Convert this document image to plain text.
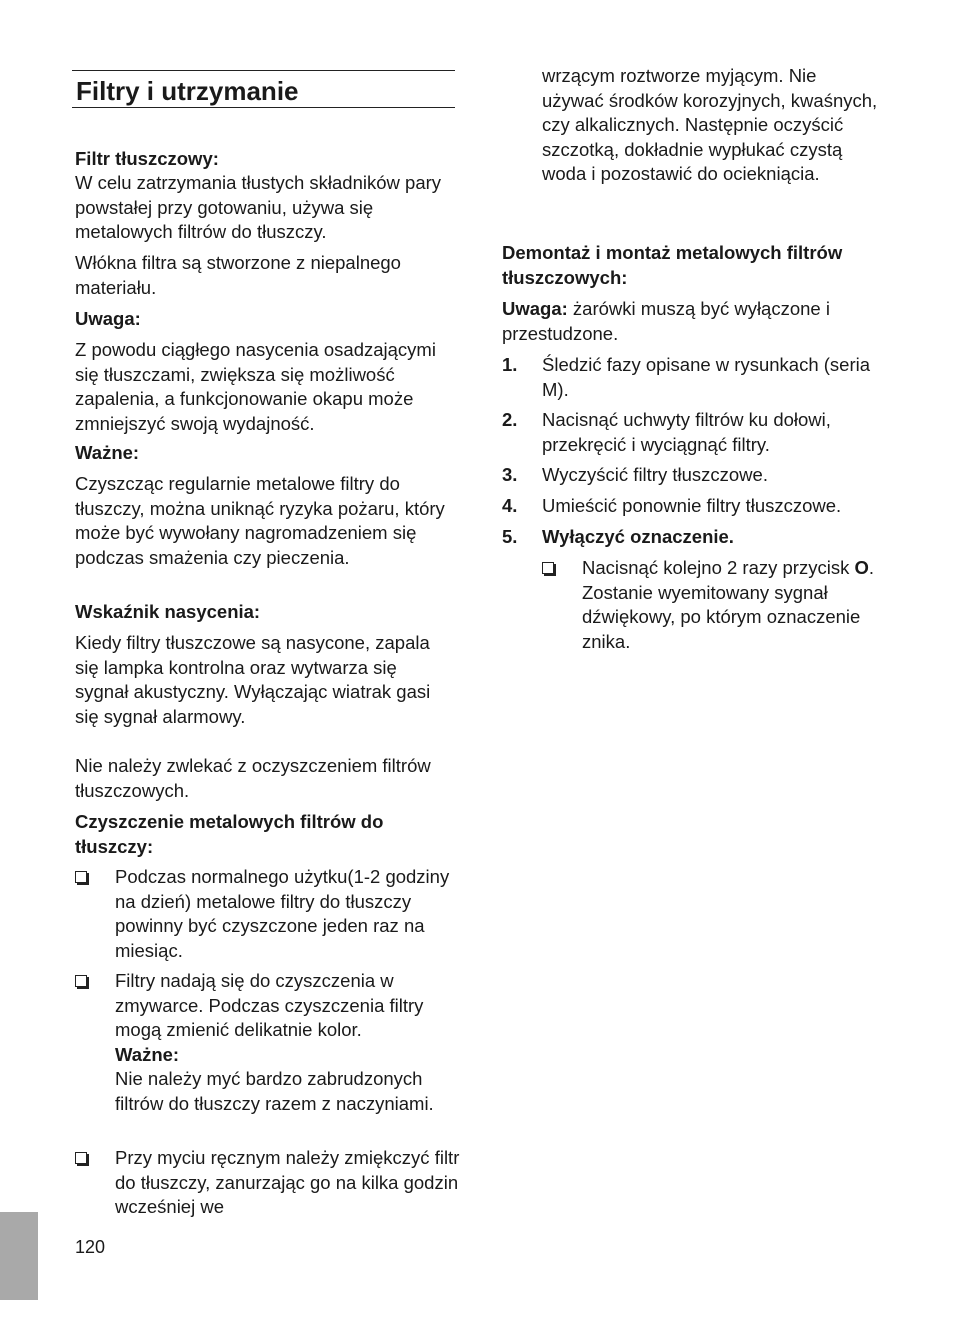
Filtry i utrzymanie

Filtr tłuszczowy:

W celu zatrzymania tłustych składników pary powstałej przy gotowaniu, używa się metalowych filtrów do tłuszczy.

Włókna filtra są stworzone z niepalnego materiału.

Uwaga:

Z powodu ciągłego nasycenia osadzającymi się tłuszczami, zwiększa się możliwość zapalenia, a funkcjonowanie okapu może zmniejszyć swoją wydajność.

Ważne:

Czyszcząc regularnie metalowe filtry do tłuszczy, można uniknąć ryzyka pożaru, który może być wywołany nagromadzeniem się podczas smażenia czy pieczenia.

Wskaźnik nasycenia:

Kiedy filtry tłuszczowe są nasycone, zapala się lampka kontrolna oraz wytwarza się sygnał akustyczny. Wyłączając wiatrak gasi się sygnał alarmowy.

Nie należy zwlekać z oczyszczeniem filtrów tłuszczowych.

Czyszczenie metalowych filtrów do tłuszczy:

Podczas normalnego użytku(1-2 godziny na dzień) metalowe filtry do tłuszczy powinny być czyszczone jeden raz na miesiąc.

Filtry nadają się do czyszczenia w zmywarce. Podczas czyszczenia filtry mogą zmienić delikatnie kolor.
Ważne:
Nie należy myć bardzo zabrudzonych filtrów do tłuszczy razem z naczyniami.

Przy myciu ręcznym należy zmiękczyć filtr do tłuszczy, zanurzając go na kilka godzin wcześniej we

wrzącym roztworze myjącym. Nie używać środków korozyjnych, kwaśnych, czy alkalicznych. Następnie oczyścić szczotką, dokładnie wypłukać czystą woda i pozostawić do ociekniącia.

Demontaż i montaż metalowych filtrów tłuszczowych:

Uwaga: żarówki muszą być wyłączone i przestudzone.

1. Śledzić fazy opisane w rysunkach (seria M).

2. Nacisnąć uchwyty filtrów ku dołowi, przekręcić i wyciągnąć filtry.

3. Wyczyścić filtry tłuszczowe.

4. Umieścić ponownie filtry tłuszczowe.

5. Wyłączyć oznaczenie.

Nacisnąć kolejno 2 razy przycisk O. Zostanie wyemitowany sygnał dźwiękowy, po którym oznaczenie znika.

120
